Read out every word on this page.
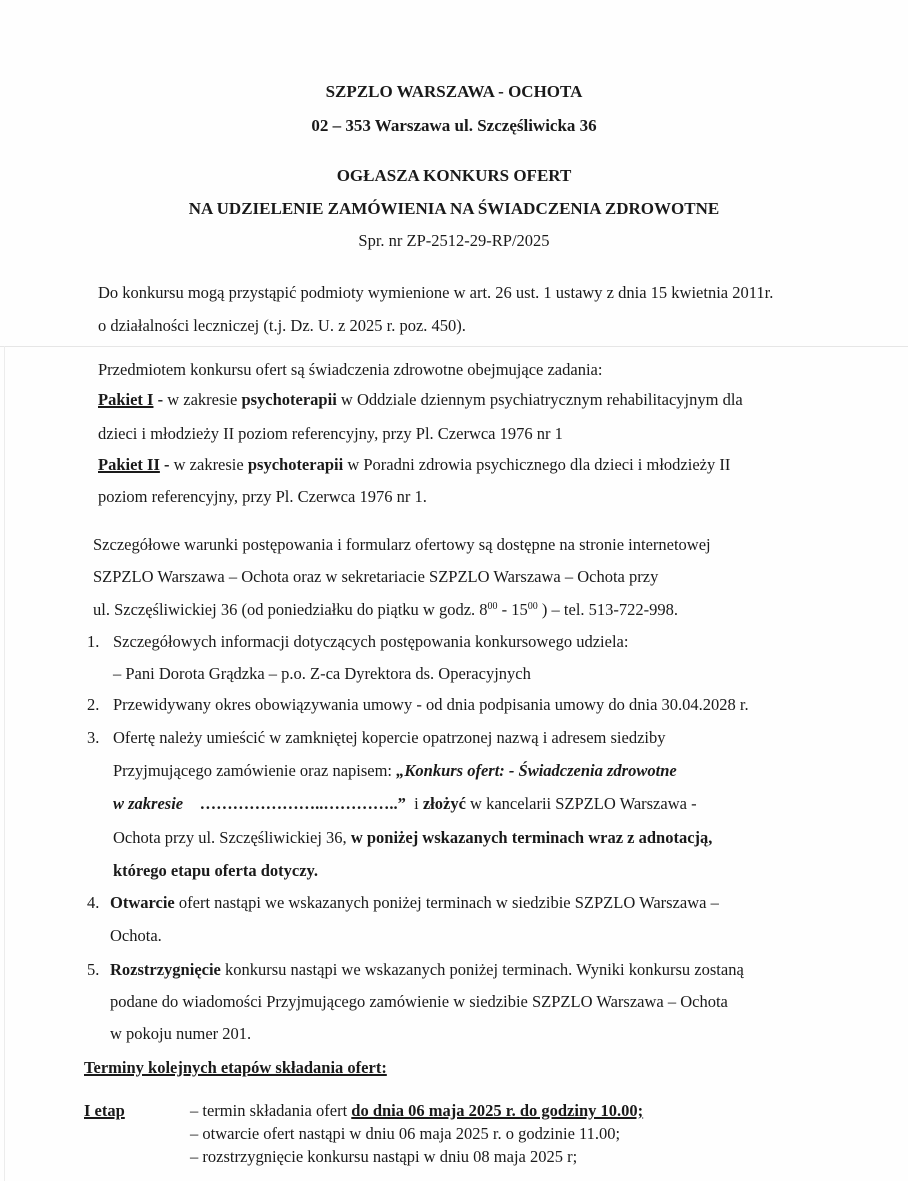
SZPZLO WARSZAWA - OCHOTA
02 – 353 Warszawa ul. Szczęśliwicka 36
OGŁASZA KONKURS OFERT
NA UDZIELENIE ZAMÓWIENIA NA ŚWIADCZENIA ZDROWOTNE
Spr. nr ZP-2512-29-RP/2025
Do konkursu mogą przystąpić podmioty wymienione w art. 26 ust. 1 ustawy z dnia 15 kwietnia 2011r.
o działalności leczniczej (t.j. Dz. U. z 2025 r. poz. 450).
Przedmiotem konkursu ofert są świadczenia zdrowotne obejmujące zadania:
Pakiet I - w zakresie psychoterapii w Oddziale dziennym psychiatrycznym rehabilitacyjnym dla
dzieci i młodzieży II poziom referencyjny, przy Pl. Czerwca 1976 nr 1
Pakiet II - w zakresie psychoterapii w Poradni zdrowia psychicznego dla dzieci i młodzieży II
poziom referencyjny, przy Pl. Czerwca 1976 nr 1.
Szczegółowe warunki postępowania i formularz ofertowy są dostępne na stronie internetowej
SZPZLO Warszawa – Ochota oraz w sekretariacie SZPZLO Warszawa – Ochota przy
ul. Szczęśliwickiej 36 (od poniedziałku do piątku w godz. $8^{00} - 15^{00}$ ) – tel. 513-722-998.
1. Szczegółowych informacji dotyczących postępowania konkursowego udziela:
– Pani Dorota Grądzka – p.o. Z-ca Dyrektora ds. Operacyjnych
2. Przewidywany okres obowiązywania umowy - od dnia podpisania umowy do dnia 30.04.2028 r.
3. Ofertę należy umieścić w zamkniętej kopercie opatrzonej nazwą i adresem siedziby
Przyjmującego zamówienie oraz napisem: „Konkurs ofert: - Świadczenia zdrowotne
w zakresie …………………..…………..”  i złożyć w kancelarii SZPZLO Warszawa -
Ochota przy ul. Szczęśliwickiej 36, w poniżej wskazanych terminach wraz z adnotacją,
którego etapu oferta dotyczy.
4. Otwarcie ofert nastąpi we wskazanych poniżej terminach w siedzibie SZPZLO Warszawa –
Ochota.
5. Rozstrzygnięcie konkursu nastąpi we wskazanych poniżej terminach. Wyniki konkursu zostaną
podane do wiadomości Przyjmującego zamówienie w siedzibie SZPZLO Warszawa – Ochota
w pokoju numer 201.
Terminy kolejnych etapów składania ofert:
I etap	– termin składania ofert do dnia 06 maja 2025 r. do godziny 10.00;
– otwarcie ofert nastąpi w dniu 06 maja 2025 r. o godzinie 11.00;
– rozstrzygnięcie konkursu nastąpi w dniu 08 maja 2025 r;
